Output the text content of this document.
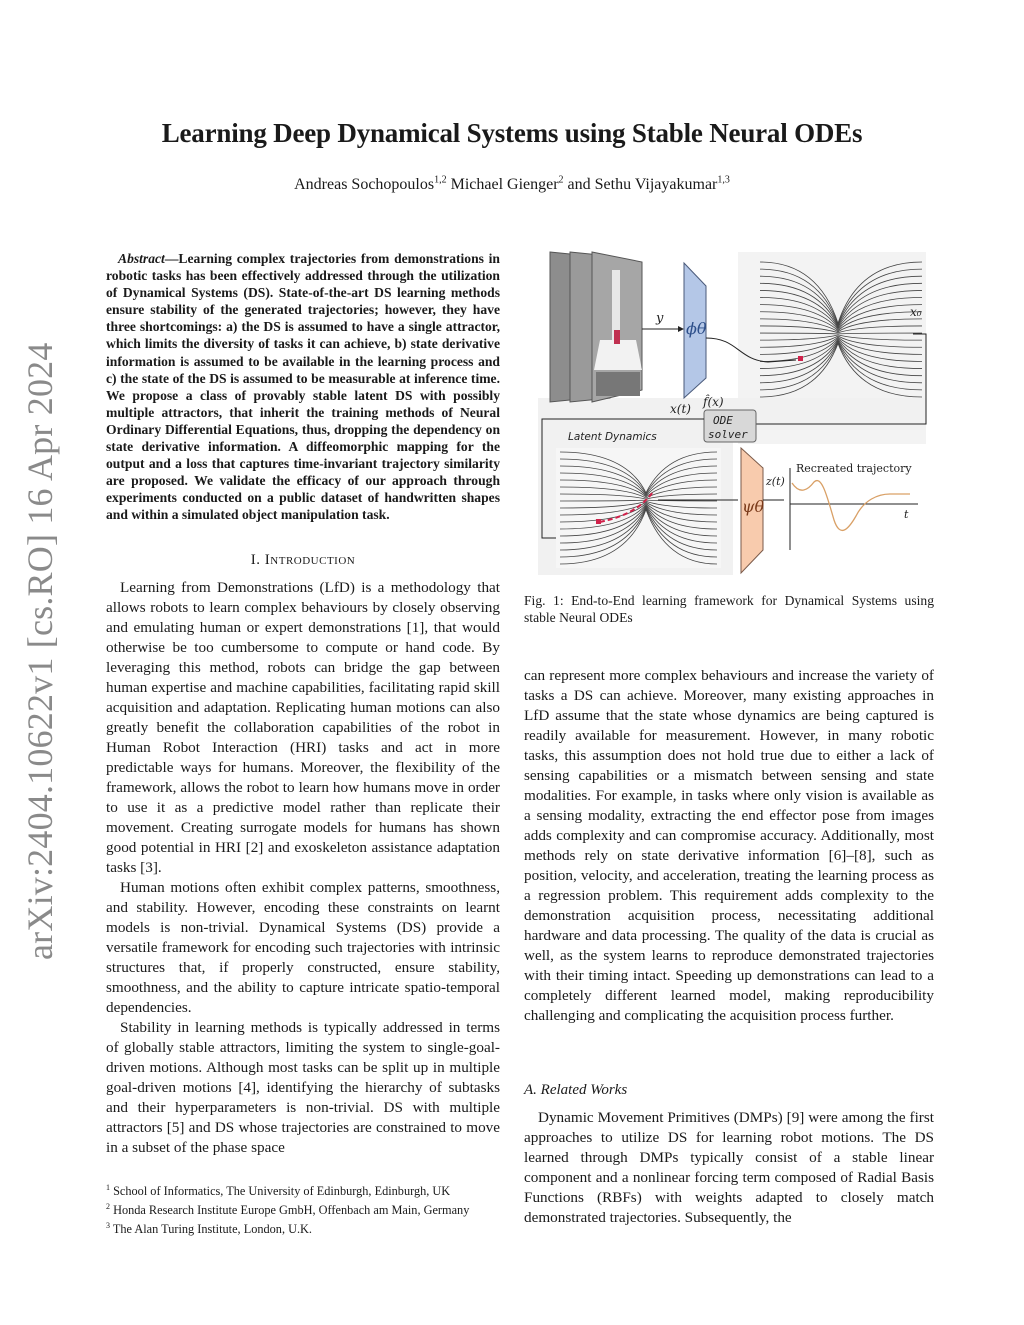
arXiv:2404.10622v1 [cs.RO] 16 Apr 2024
Learning Deep Dynamical Systems using Stable Neural ODEs
Andreas Sochopoulos$^{1,2}$ Michael Gienger$^2$ and Sethu Vijayakumar$^{1,3}$
Abstract—Learning complex trajectories from demonstrations in robotic tasks has been effectively addressed through the utilization of Dynamical Systems (DS). State-of-the-art DS learning methods ensure stability of the generated trajectories; however, they have three shortcomings: a) the DS is assumed to have a single attractor, which limits the diversity of tasks it can achieve, b) state derivative information is assumed to be available in the learning process and c) the state of the DS is assumed to be measurable at inference time. We propose a class of provably stable latent DS with possibly multiple attractors, that inherit the training methods of Neural Ordinary Differential Equations, thus, dropping the dependency on state derivative information. A diffeomorphic mapping for the output and a loss that captures time-invariant trajectory similarity are proposed. We validate the efficacy of our approach through experiments conducted on a public dataset of handwritten shapes and within a simulated object manipulation task.
I. Introduction

Learning from Demonstrations (LfD) is a methodology that allows robots to learn complex behaviours by closely observing and emulating human or expert demonstrations [1], that would otherwise be too cumbersome to compute or hand code. By leveraging this method, robots can bridge the gap between human expertise and machine capabilities, facilitating rapid skill acquisition and adaptation. Replicating human motions can also greatly benefit the collaboration capabilities of the robot in Human Robot Interaction (HRI) tasks and act in more predictable ways for humans. Moreover, the flexibility of the framework, allows the robot to learn how humans move in order to use it as a predictive model rather than replicate their movement. Creating surrogate models for humans has shown good potential in HRI [2] and exoskeleton assistance adaptation tasks [3].

Human motions often exhibit complex patterns, smoothness, and stability. However, encoding these constraints on learnt models is non-trivial. Dynamical Systems (DS) provide a versatile framework for encoding such trajectories with intrinsic structures that, if properly constructed, ensure stability, smoothness, and the ability to capture intricate spatio-temporal dependencies.

Stability in learning methods is typically addressed in terms of globally stable attractors, limiting the system to single-goal-driven motions. Although most tasks can be split up in multiple goal-driven motions [4], identifying the hierarchy of subtasks and their hyperparameters is non-trivial. DS with multiple attractors [5] and DS whose trajectories are constrained to move in a subset of the phase space

$^1$ School of Informatics, The University of Edinburgh, Edinburgh, UK
$^2$ Honda Research Institute Europe GmbH, Offenbach am Main, Germany
$^3$ The Alan Turing Institute, London, U.K.
y
ϕθ
x₀
f̂(x)
ODE
solver
x(t)
Latent Dynamics
ψθ
z(t)
Recreated trajectory
t
Fig. 1: End-to-End learning framework for Dynamical Systems using stable Neural ODEs

can represent more complex behaviours and increase the variety of tasks a DS can achieve. Moreover, many existing approaches in LfD assume that the state whose dynamics are being captured is readily available for measurement. However, in many robotic tasks, this assumption does not hold true due to either a lack of sensing capabilities or a mismatch between sensing and state modalities. For example, in tasks where only vision is available as a sensing modality, extracting the end effector pose from images adds complexity and can compromise accuracy. Additionally, most methods rely on state derivative information [6]–[8], such as position, velocity, and acceleration, treating the learning process as a regression problem. This requirement adds complexity to the demonstration acquisition process, necessitating additional hardware and data processing. The quality of the data is crucial as well, as the system learns to reproduce demonstrated trajectories with their timing intact. Speeding up demonstrations can lead to a completely different learned model, making reproducibility challenging and complicating the acquisition process further.

A. Related Works

Dynamic Movement Primitives (DMPs) [9] were among the first approaches to utilize DS for learning robot motions. The DS learned through DMPs typically consist of a stable linear component and a nonlinear forcing term composed of Radial Basis Functions (RBFs) with weights adapted to closely match demonstrated trajectories. Subsequently, the
